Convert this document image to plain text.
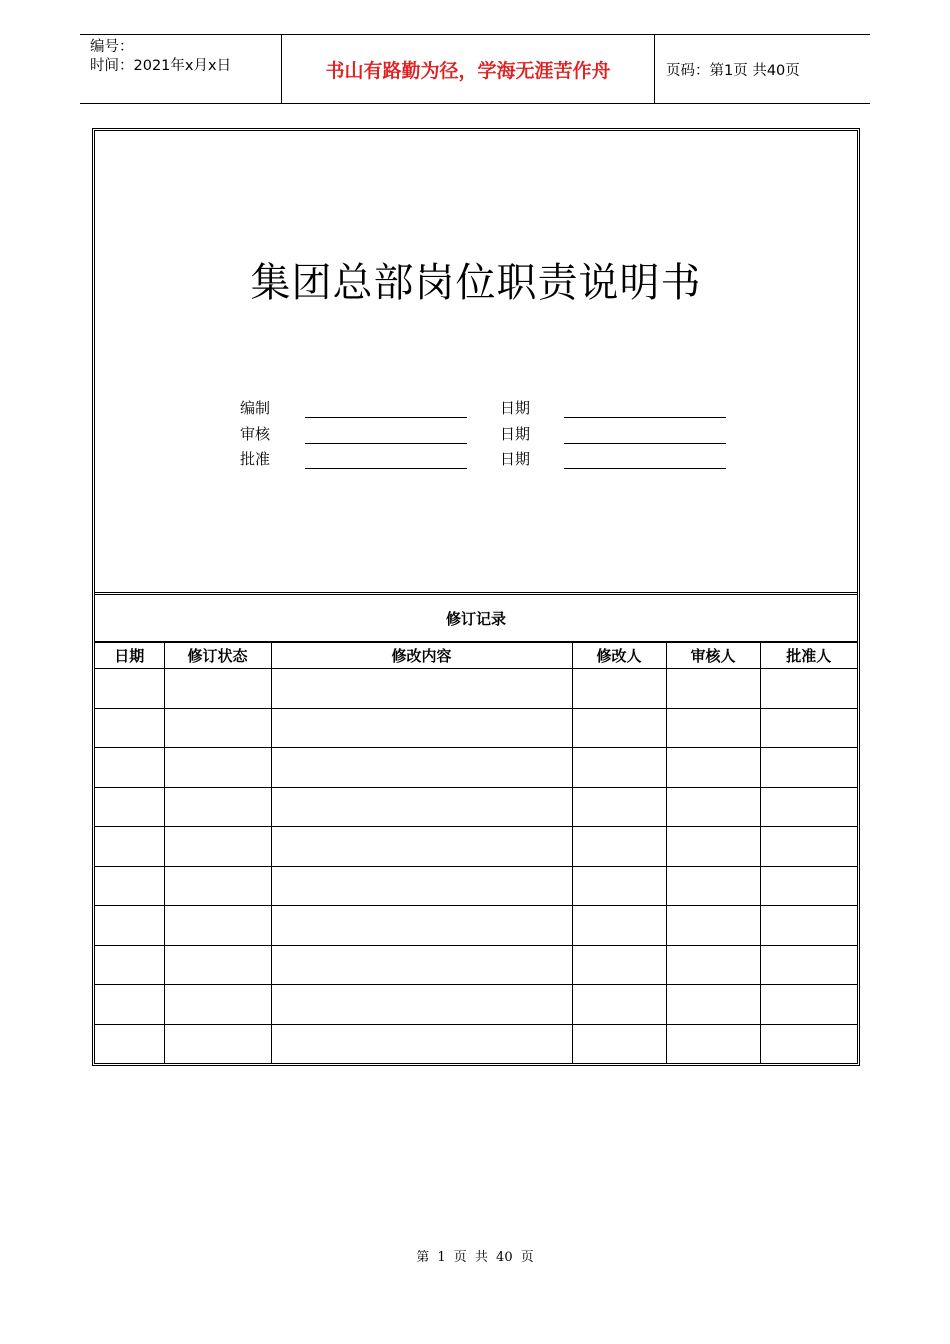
编号：
时间：2021年x月x日	书山有路勤为径，学海无涯苦作舟	页码：第1页 共40页
集团总部岗位职责说明书
编制	日期
审核	日期
批准	日期
修订记录
日期	修订状态	修改内容	修改人	审核人	批准人

第 1 页 共 40 页
